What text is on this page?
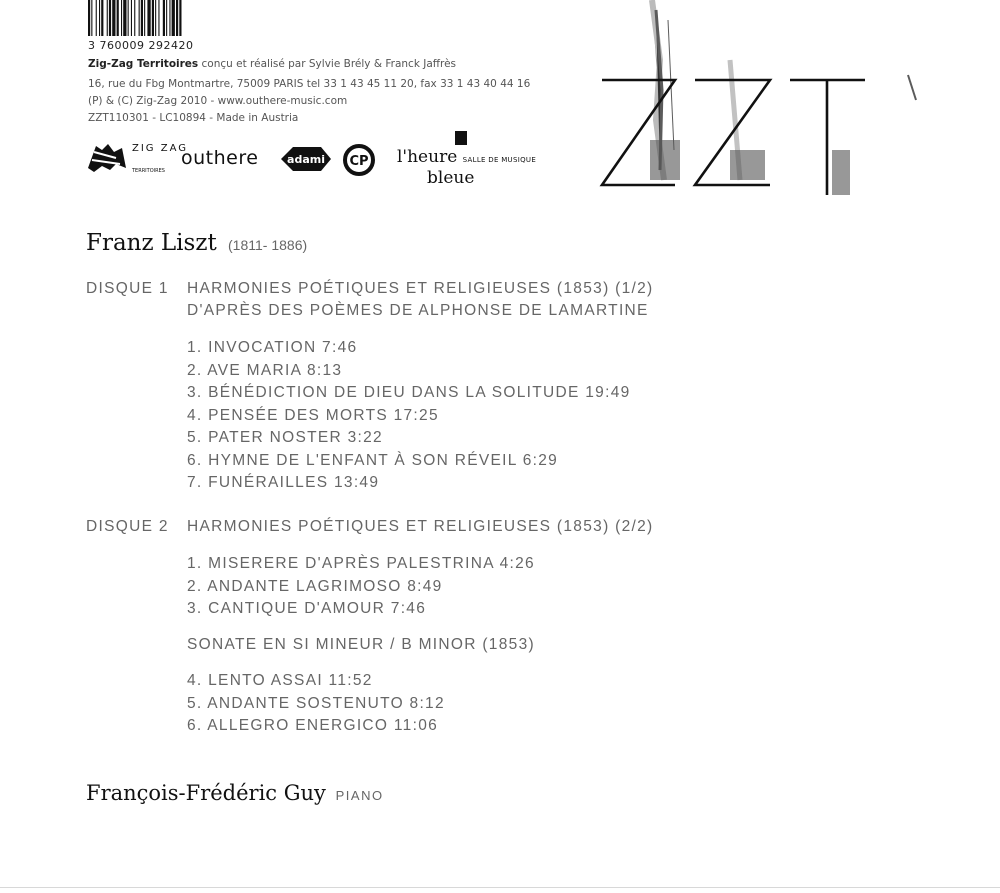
3 760009 292420
Zig-Zag Territoires conçu et réalisé par Sylvie Brély & Franck Jaffrès
16, rue du Fbg Montmartre, 75009 PARIS tel 33 1 43 45 11 20, fax 33 1 43 40 44 16
(P) & (C) Zig-Zag 2010 - www.outhere-music.com
ZZT110301 - LC10894 - Made in Austria
ZIG ZAG
TERRITOIRES
outhere	adami CP l'heure SALLE DE MUSIQUE
bleue
Franz Liszt (1811- 1886)
DISQUE 1 HARMONIES POÉTIQUES ET RELIGIEUSES (1853) (1/2)
D'APRÈS DES POÈMES DE ALPHONSE DE LAMARTINE
1. INVOCATION 7:46
2. AVE MARIA 8:13
3. BÉNÉDICTION DE DIEU DANS LA SOLITUDE 19:49
4. PENSÉE DES MORTS 17:25
5. PATER NOSTER 3:22
6. HYMNE DE L'ENFANT À SON RÉVEIL 6:29
7. FUNÉRAILLES 13:49
DISQUE 2 HARMONIES POÉTIQUES ET RELIGIEUSES (1853) (2/2)
1. MISERERE D'APRÈS PALESTRINA 4:26
2. ANDANTE LAGRIMOSO 8:49
3. CANTIQUE D'AMOUR 7:46
SONATE EN SI MINEUR / B MINOR (1853)
4. LENTO ASSAI 11:52
5. ANDANTE SOSTENUTO 8:12
6. ALLEGRO ENERGICO 11:06
François-Frédéric Guy PIANO
